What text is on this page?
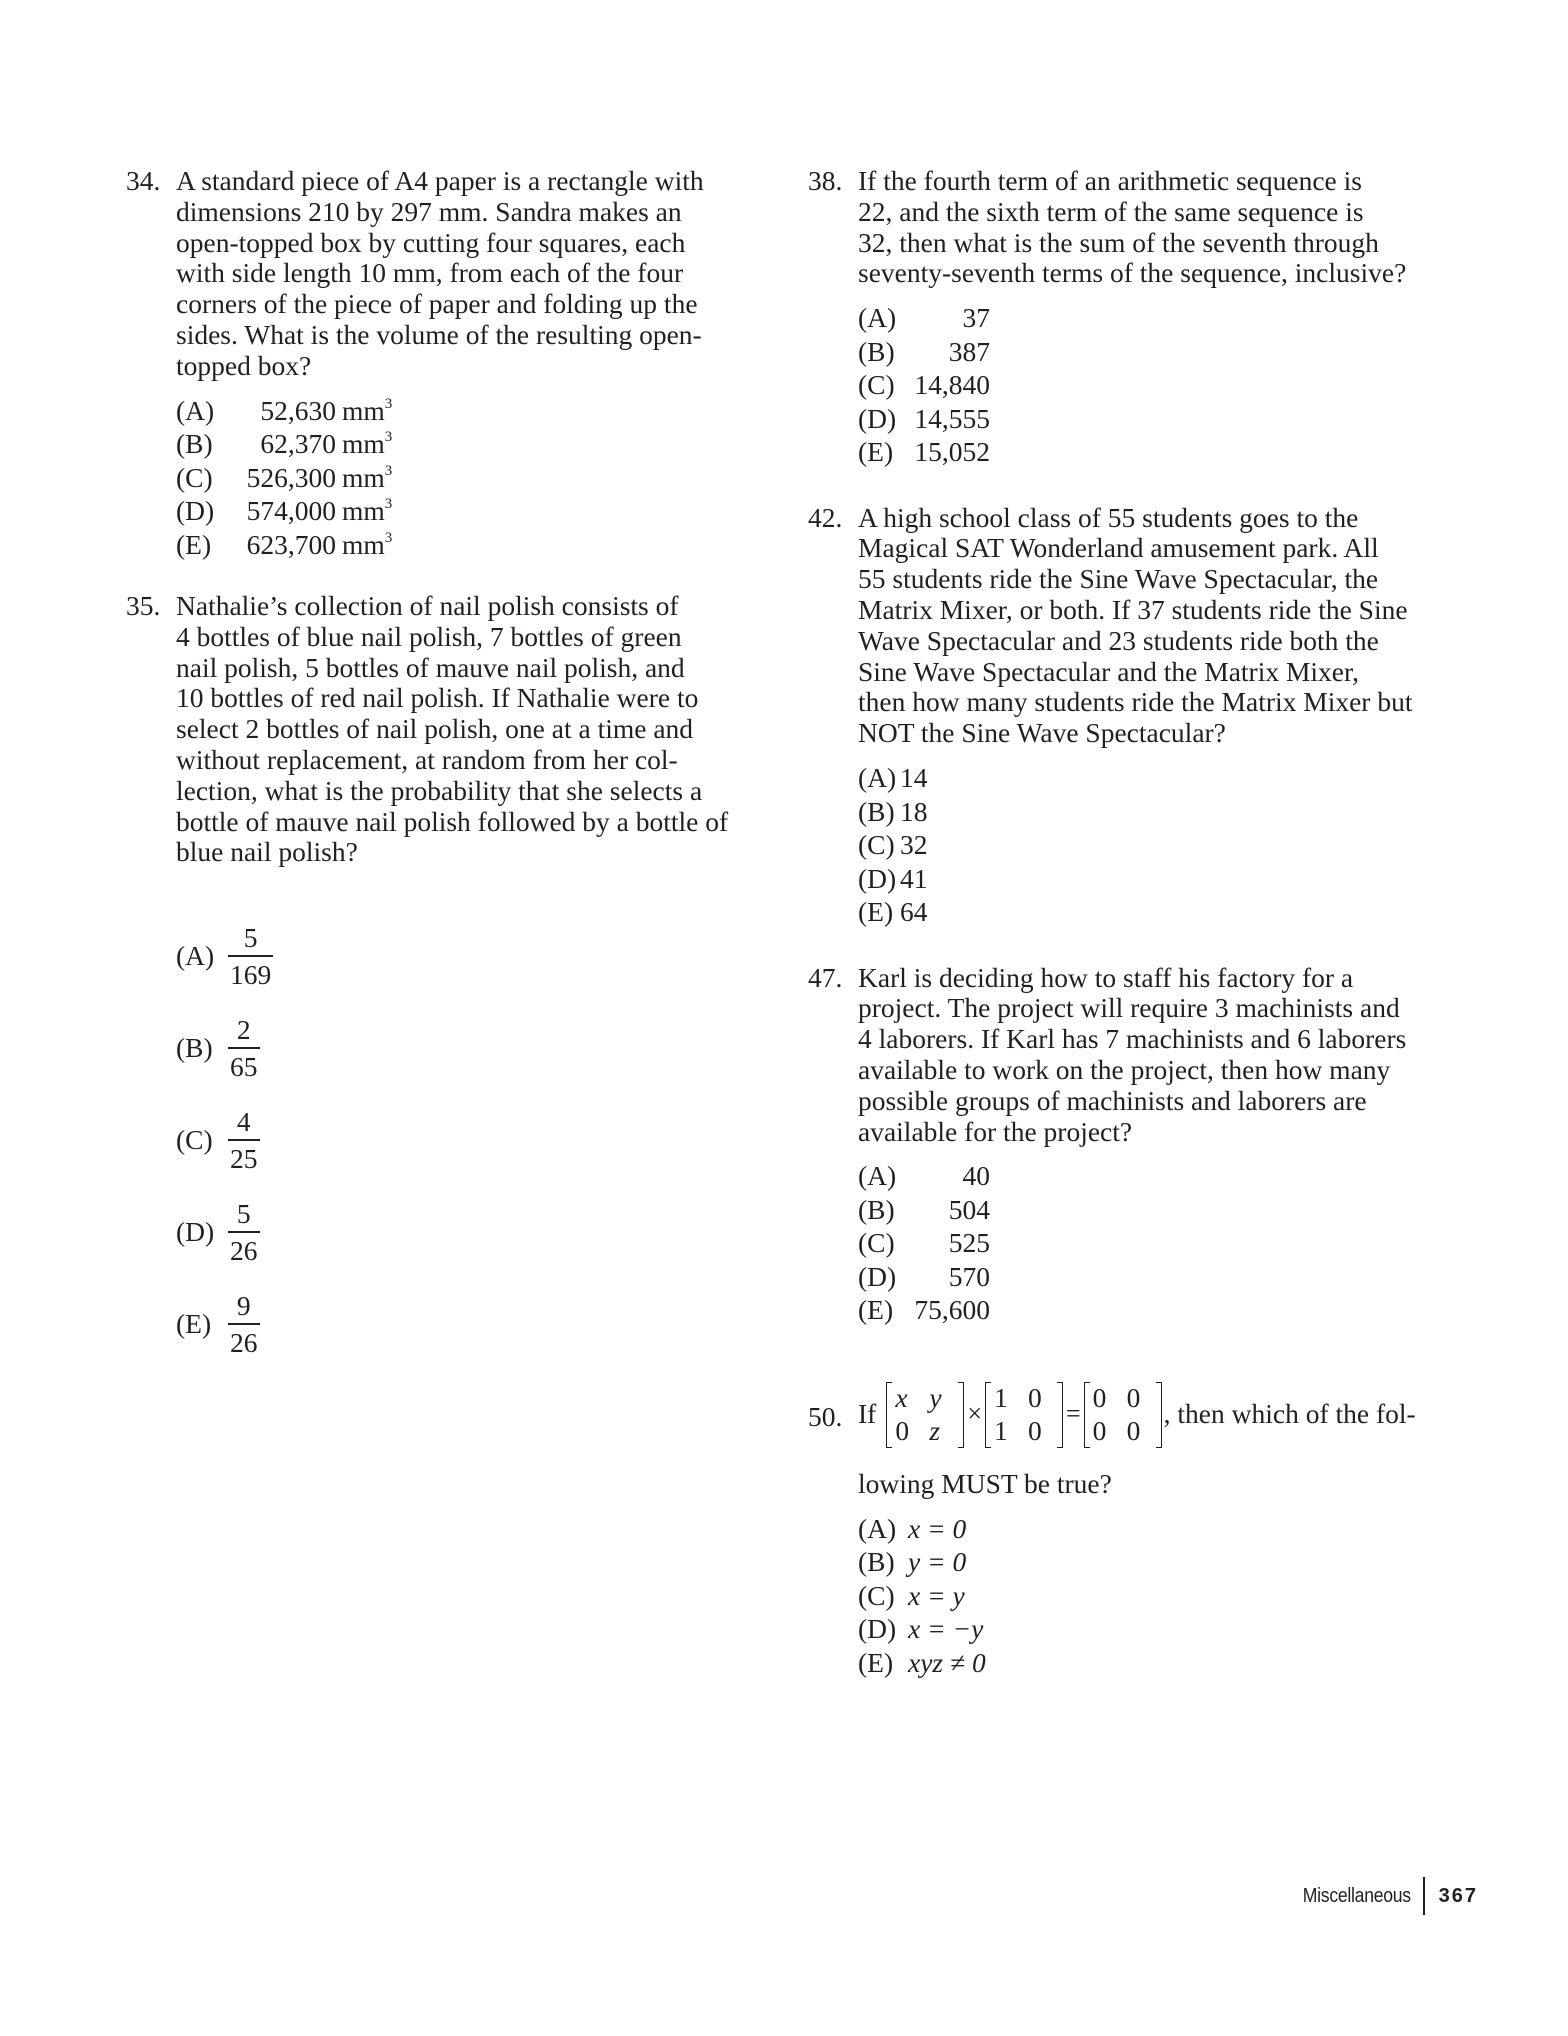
34. A standard piece of A4 paper is a rectangle with
dimensions 210 by 297 mm. Sandra makes an
open-topped box by cutting four squares, each
with side length 10 mm, from each of the four
corners of the piece of paper and folding up the
sides. What is the volume of the resulting open-
topped box?
(A)	52,630 $mm^3$
(B)	62,370 $mm^3$
(C)	526,300 $mm^3$
(D)	574,000 $mm^3$
(E)	623,700 $mm^3$
35. Nathalie’s collection of nail polish consists of
4 bottles of blue nail polish, 7 bottles of green
nail polish, 5 bottles of mauve nail polish, and
10 bottles of red nail polish. If Nathalie were to
select 2 bottles of nail polish, one at a time and
without replacement, at random from her col-
lection, what is the probability that she selects a
bottle of mauve nail polish followed by a bottle of
blue nail polish?
$(A) \frac{5}{169}$
$(B) \frac{2}{65}$
$(C) \frac{4}{25}$
$(D) \frac{5}{26}$
$(E) \frac{9}{26}$
38. If the fourth term of an arithmetic sequence is
22, and the sixth term of the same sequence is
32, then what is the sum of the seventh through
seventy-seventh terms of the sequence, inclusive?
(A)	37
(B)	387
(C) 14,840
(D) 14,555
(E) 15,052
42. A high school class of 55 students goes to the
Magical SAT Wonderland amusement park. All
55 students ride the Sine Wave Spectacular, the
Matrix Mixer, or both. If 37 students ride the Sine
Wave Spectacular and 23 students ride both the
Sine Wave Spectacular and the Matrix Mixer,
then how many students ride the Matrix Mixer but
NOT the Sine Wave Spectacular?
(A) 14
(B) 18
(C) 32
(D) 41
(E) 64
47. Karl is deciding how to staff his factory for a
project. The project will require 3 machinists and
4 laborers. If Karl has 7 machinists and 6 laborers
available to work on the project, then how many
possible groups of machinists and laborers are
available for the project?
(A)	40
(B)	504
(C)	525
(D)	570
(E) 75,600
50. If
x y
0 z
×
1 0
1 0
=
0 0
0 0
, then which of the fol-
lowing MUST be true?
(A) x = 0
(B) y = 0
(C) x = y
(D) x = −y
(E) xyz ≠ 0
Miscellaneous 367
